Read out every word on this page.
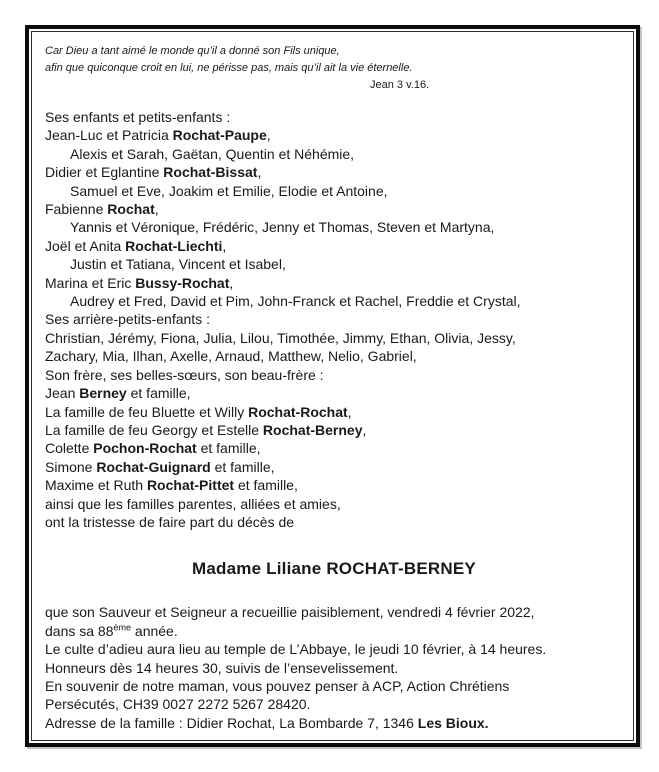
Car Dieu a tant aimé le monde qu’il a donné son Fils unique,
afin que quiconque croit en lui, ne périsse pas, mais qu’il ait la vie éternelle.
Jean 3 v.16.
Ses enfants et petits-enfants :
Jean-Luc et Patricia Rochat-Paupe,
Alexis et Sarah, Gaëtan, Quentin et Néhémie,
Didier et Eglantine Rochat-Bissat,
Samuel et Eve, Joakim et Emilie, Elodie et Antoine,
Fabienne Rochat,
Yannis et Véronique, Frédéric, Jenny et Thomas, Steven et Martyna,
Joël et Anita Rochat-Liechti,
Justin et Tatiana, Vincent et Isabel,
Marina et Eric Bussy-Rochat,
Audrey et Fred, David et Pim, John-Franck et Rachel, Freddie et Crystal,
Ses arrière-petits-enfants :
Christian, Jérémy, Fiona, Julia, Lilou, Timothée, Jimmy, Ethan, Olivia, Jessy,
Zachary, Mia, Ilhan, Axelle, Arnaud, Matthew, Nelio, Gabriel,
Son frère, ses belles-sœurs, son beau-frère :
Jean Berney et famille,
La famille de feu Bluette et Willy Rochat-Rochat,
La famille de feu Georgy et Estelle Rochat-Berney,
Colette Pochon-Rochat et famille,
Simone Rochat-Guignard et famille,
Maxime et Ruth Rochat-Pittet et famille,
ainsi que les familles parentes, alliées et amies,
ont la tristesse de faire part du décès de
Madame Liliane ROCHAT-BERNEY
que son Sauveur et Seigneur a recueillie paisiblement, vendredi 4 février 2022,
dans sa 88ème année.
Le culte d’adieu aura lieu au temple de L’Abbaye, le jeudi 10 février, à 14 heures.
Honneurs dès 14 heures 30, suivis de l’ensevelissement.
En souvenir de notre maman, vous pouvez penser à ACP, Action Chrétiens
Persécutés, CH39 0027 2272 5267 28420.
Adresse de la famille : Didier Rochat, La Bombarde 7, 1346 Les Bioux.
